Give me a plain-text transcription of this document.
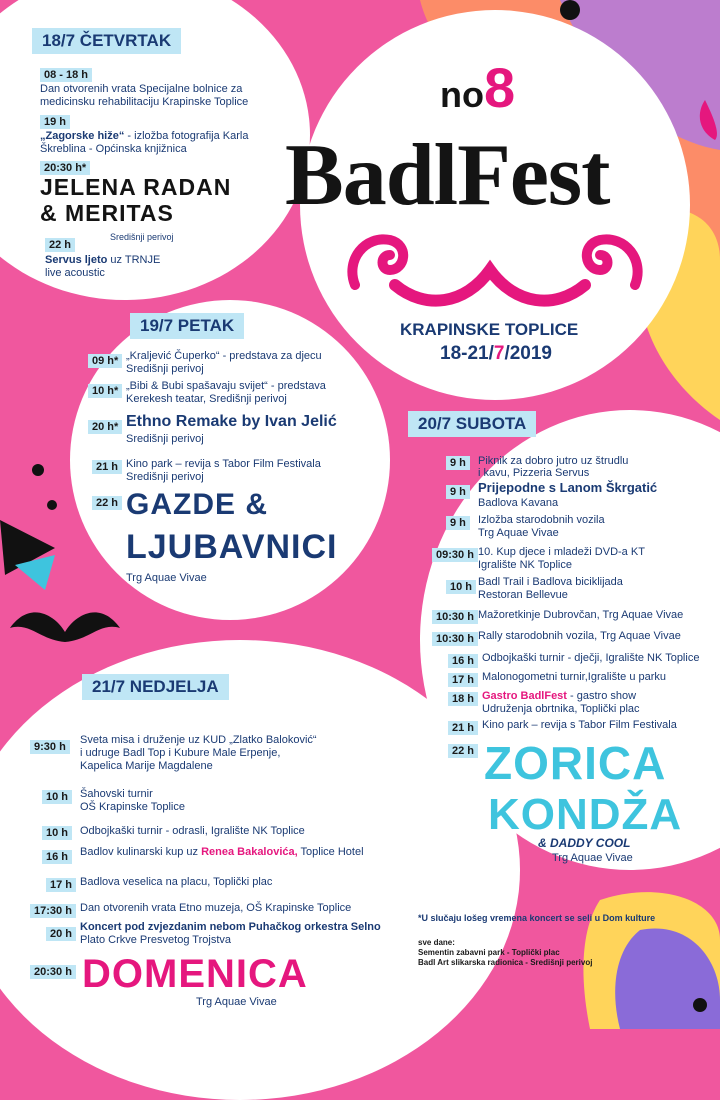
no8
BadlFest
KRAPINSKE TOPLICE
18-21/7/2019
18/7 ČETVRTAK
08 - 18 h
Dan otvorenih vrata Specijalne bolnice za
medicinsku rehabilitaciju Krapinske Toplice
19 h
„Zagorske hiže“ - izložba fotografija Karla
Škreblina - Općinska knjižnica
20:30 h*
JELENA RADAN
& MERITAS
Središnji perivoj
22 h
Servus ljeto uz TRNJE
live acoustic
19/7 PETAK
09 h* „Kraljević Čuperko“ - predstava za djecu
Središnji perivoj
10 h* „Bibi & Bubi spašavaju svijet“ - predstava
Kerekesh teatar, Središnji perivoj
20 h* Ethno Remake by Ivan Jelić
Središnji perivoj
21 h Kino park – revija s Tabor Film Festivala
Središnji perivoj
22 h GAZDE &
LJUBAVNICI
Trg Aquae Vivae
20/7 SUBOTA
9 h	Piknik za dobro jutro uz štrudlu
i kavu, Pizzeria Servus
9 h Prijepodne s Lanom Škrgatić
Badlova Kavana
9 h	Izložba starodobnih vozila
Trg Aquae Vivae
09:30 h 10. Kup djece i mladeži DVD-a KT
Igralište NK Toplice
10 h Badl Trail i Badlova biciklijada
Restoran Bellevue
10:30 h Mažoretkinje Dubrovčan, Trg Aquae Vivae
10:30 h Rally starodobnih vozila, Trg Aquae Vivae
16 h Odbojkaški turnir - dječji, Igralište NK Toplice
17 h Malonogometni turnir,Igralište u parku
18 h Gastro BadlFest - gastro show
Udruženja obrtnika, Toplički plac
21 h Kino park – revija s Tabor Film Festivala
22 h ZORICA
KONDŽA
& DADDY COOL
Trg Aquae Vivae
21/7 NEDJELJA
9:30 h
Sveta misa i druženje uz KUD „Zlatko Baloković“
i udruge Badl Top i Kubure Male Erpenje,
Kapelica Marije Magdalene
10 h	Šahovski turnir
OŠ Krapinske Toplice
10 h	Odbojkaški turnir - odrasli, Igralište NK Toplice
16 h	Badlov kulinarski kup uz Renea Bakalovića, Toplice Hotel
17 h Badlova veselica na placu, Toplički plac
17:30 h Dan otvorenih vrata Etno muzeja, OŠ Krapinske Toplice
20 h
Koncert pod zvjezdanim nebom Puhačkog orkestra Selno
Plato Crkve Presvetog Trojstva
20:30 h DOMENICA
Trg Aquae Vivae
*U slučaju lošeg vremena koncert se seli u Dom kulture
sve dane:
Sementin zabavni park - Toplički plac
Badl Art slikarska radionica - Središnji perivoj
